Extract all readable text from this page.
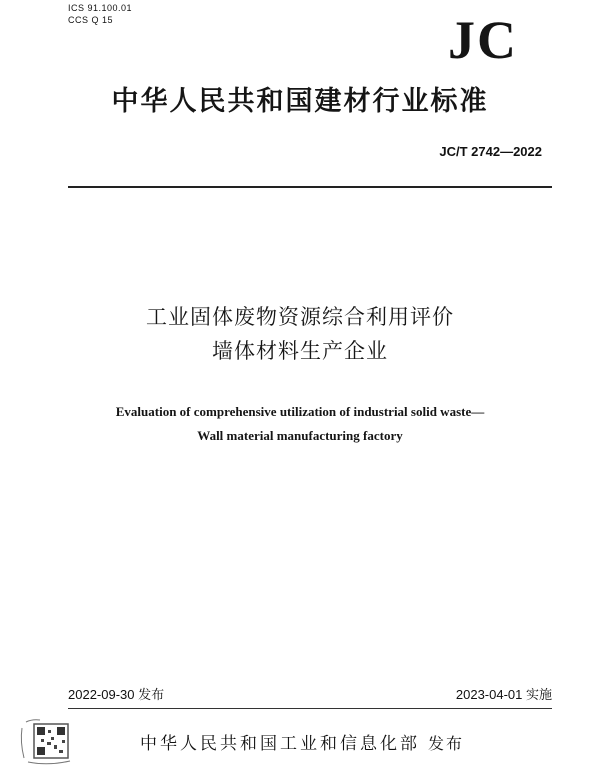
ICS 91.100.01
CCS Q 15	JC
中华人民共和国建材行业标准
JC/T 2742—2022
工业固体废物资源综合利用评价
墙体材料生产企业
Evaluation of comprehensive utilization of industrial solid waste—
Wall material manufacturing factory
2022-09-30 发布	2023-04-01 实施
中华人民共和国工业和信息化部 发布
